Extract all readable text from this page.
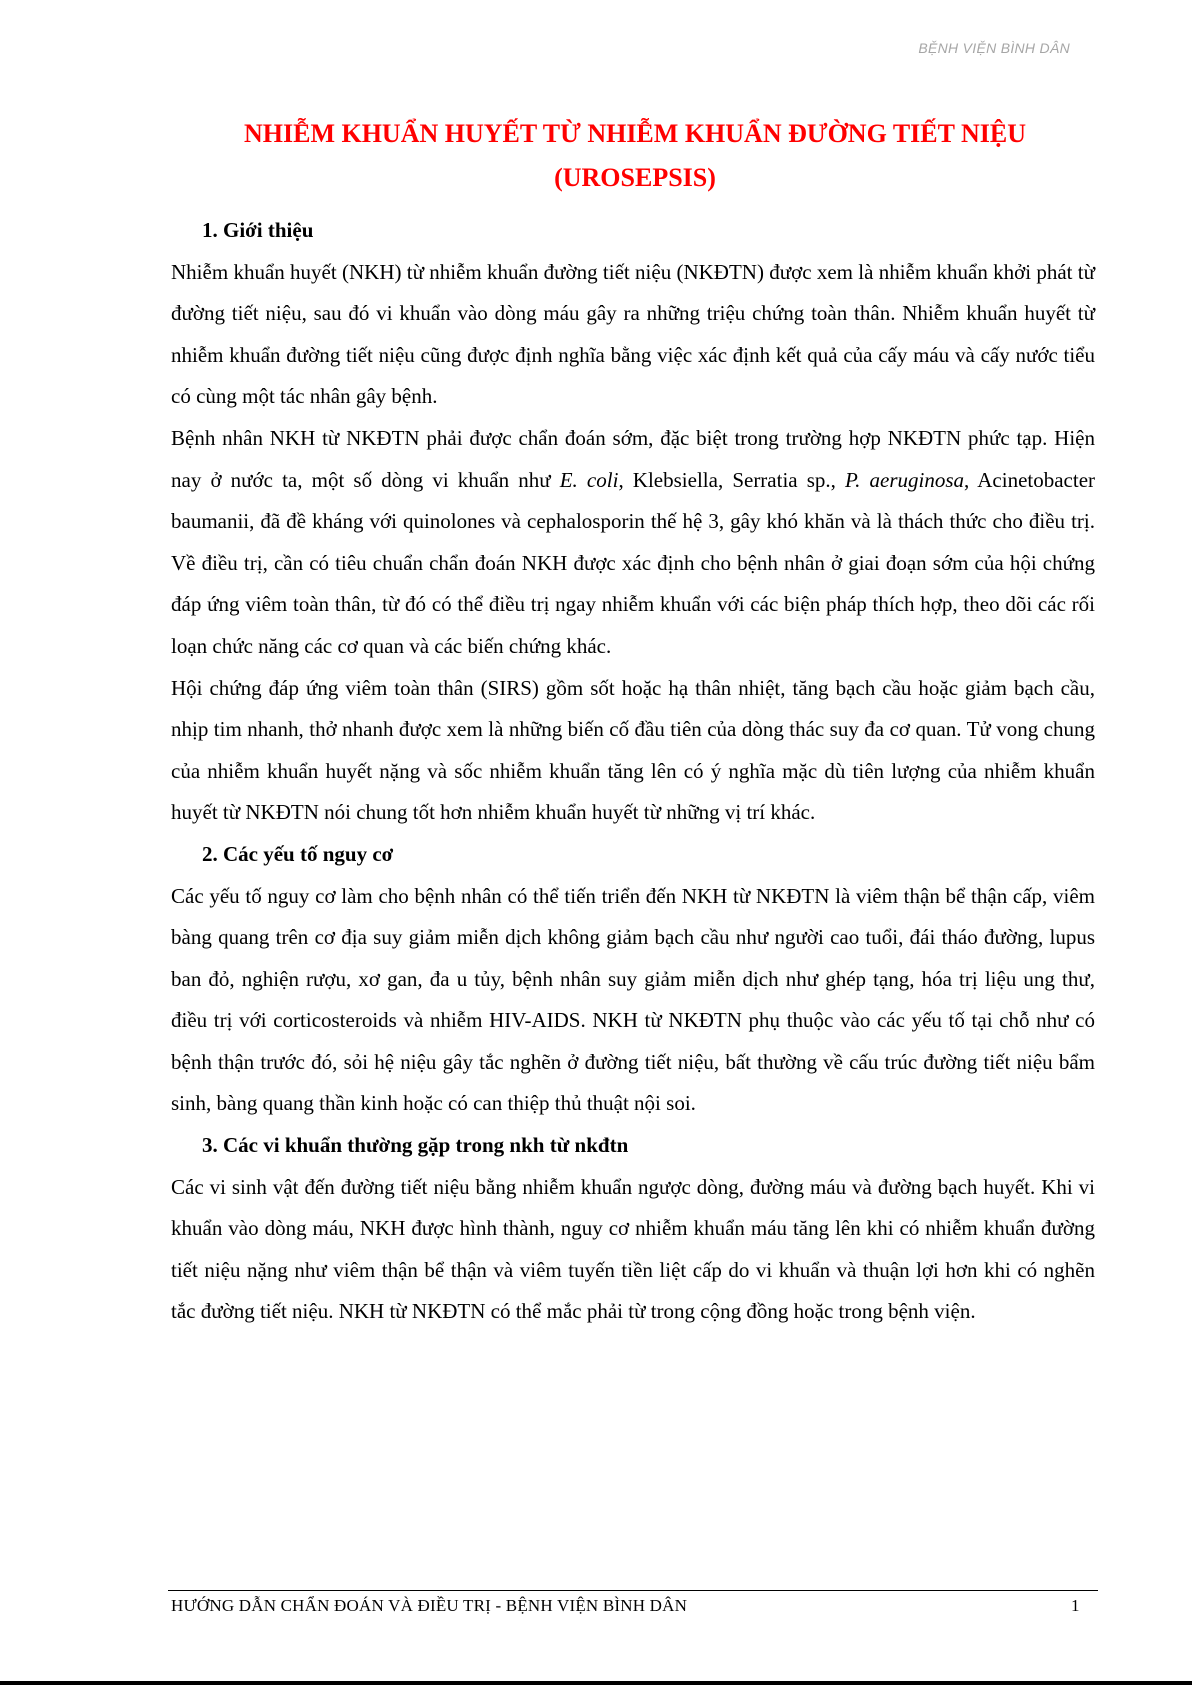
BỆNH VIỆN BÌNH DÂN
NHIỄM KHUẨN HUYẾT TỪ NHIỄM KHUẨN ĐƯỜNG TIẾT NIỆU
(UROSEPSIS)
1. Giới thiệu

Nhiễm khuẩn huyết (NKH) từ nhiễm khuẩn đường tiết niệu (NKĐTN) được xem là nhiễm khuẩn khởi phát từ đường tiết niệu, sau đó vi khuẩn vào dòng máu gây ra những triệu chứng toàn thân. Nhiễm khuẩn huyết từ nhiễm khuẩn đường tiết niệu cũng được định nghĩa bằng việc xác định kết quả của cấy máu và cấy nước tiểu có cùng một tác nhân gây bệnh.

Bệnh nhân NKH từ NKĐTN phải được chẩn đoán sớm, đặc biệt trong trường hợp NKĐTN phức tạp. Hiện nay ở nước ta, một số dòng vi khuẩn như E. coli, Klebsiella, Serratia sp., P. aeruginosa, Acinetobacter baumanii, đã đề kháng với quinolones và cephalosporin thế hệ 3, gây khó khăn và là thách thức cho điều trị. Về điều trị, cần có tiêu chuẩn chẩn đoán NKH được xác định cho bệnh nhân ở giai đoạn sớm của hội chứng đáp ứng viêm toàn thân, từ đó có thể điều trị ngay nhiễm khuẩn với các biện pháp thích hợp, theo dõi các rối loạn chức năng các cơ quan và các biến chứng khác.

Hội chứng đáp ứng viêm toàn thân (SIRS) gồm sốt hoặc hạ thân nhiệt, tăng bạch cầu hoặc giảm bạch cầu, nhịp tim nhanh, thở nhanh được xem là những biến cố đầu tiên của dòng thác suy đa cơ quan. Tử vong chung của nhiễm khuẩn huyết nặng và sốc nhiễm khuẩn tăng lên có ý nghĩa mặc dù tiên lượng của nhiễm khuẩn huyết từ NKĐTN nói chung tốt hơn nhiễm khuẩn huyết từ những vị trí khác.

2. Các yếu tố nguy cơ

Các yếu tố nguy cơ làm cho bệnh nhân có thể tiến triển đến NKH từ NKĐTN là viêm thận bể thận cấp, viêm bàng quang trên cơ địa suy giảm miễn dịch không giảm bạch cầu như người cao tuổi, đái tháo đường, lupus ban đỏ, nghiện rượu, xơ gan, đa u tủy, bệnh nhân suy giảm miễn dịch như ghép tạng, hóa trị liệu ung thư, điều trị với corticosteroids và nhiễm HIV-AIDS. NKH từ NKĐTN phụ thuộc vào các yếu tố tại chỗ như có bệnh thận trước đó, sỏi hệ niệu gây tắc nghẽn ở đường tiết niệu, bất thường về cấu trúc đường tiết niệu bẩm sinh, bàng quang thần kinh hoặc có can thiệp thủ thuật nội soi.

3. Các vi khuẩn thường gặp trong nkh từ nkđtn

Các vi sinh vật đến đường tiết niệu bằng nhiễm khuẩn ngược dòng, đường máu và đường bạch huyết. Khi vi khuẩn vào dòng máu, NKH được hình thành, nguy cơ nhiễm khuẩn máu tăng lên khi có nhiễm khuẩn đường tiết niệu nặng như viêm thận bể thận và viêm tuyến tiền liệt cấp do vi khuẩn và thuận lợi hơn khi có nghẽn tắc đường tiết niệu. NKH từ NKĐTN có thể mắc phải từ trong cộng đồng hoặc trong bệnh viện.

HƯỚNG DẪN CHẨN ĐOÁN VÀ ĐIỀU TRỊ - BỆNH VIỆN BÌNH DÂN	1
